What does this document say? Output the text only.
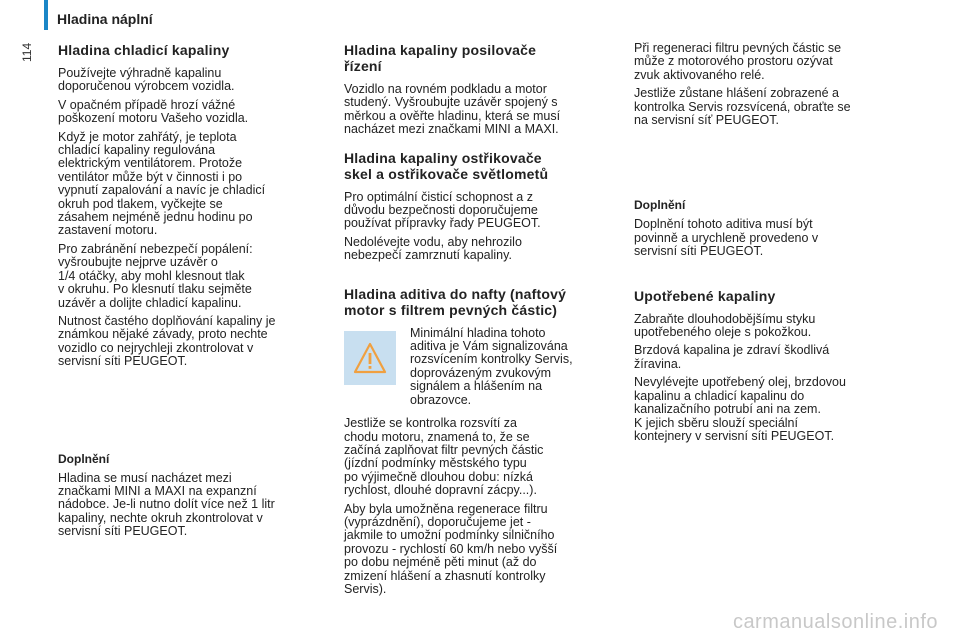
Hladina náplní
114 Hladina chladicí kapaliny

Používejte výhradně kapalinu
doporučenou výrobcem vozidla.

V opačném případě hrozí vážné
poškození motoru Vašeho vozidla.

Když je motor zahřátý, je teplota
chladicí kapaliny regulována
elektrickým ventilátorem. Protože
ventilátor může být v činnosti i po
vypnutí zapalování a navíc je chladicí
okruh pod tlakem, vyčkejte se
zásahem nejméně jednu hodinu po
zastavení motoru.

Pro zabránění nebezpečí popálení:
vyšroubujte nejprve uzávěr o
1/4 otáčky, aby mohl klesnout tlak
v okruhu. Po klesnutí tlaku sejměte
uzávěr a dolijte chladicí kapalinu.

Nutnost častého doplňování kapaliny je
známkou nějaké závady, proto nechte
vozidlo co nejrychleji zkontrolovat v
servisní síti PEUGEOT.

Doplnění

Hladina se musí nacházet mezi
značkami MINI a MAXI na expanzní
nádobce. Je-li nutno dolít více než 1 litr
kapaliny, nechte okruh zkontrolovat v
servisní síti PEUGEOT.

Hladina kapaliny posilovače
řízení

Vozidlo na rovném podkladu a motor
studený. Vyšroubujte uzávěr spojený s
měrkou a ověřte hladinu, která se musí
nacházet mezi značkami MINI a MAXI.

Hladina kapaliny ostřikovače
skel a ostřikovače světlometů

Pro optimální čisticí schopnost a z
důvodu bezpečnosti doporučujeme
používat přípravky řady PEUGEOT.

Nedolévejte vodu, aby nehrozilo
nebezpečí zamrznutí kapaliny.

Hladina aditiva do nafty (naftový
motor s filtrem pevných částic)

Minimální hladina tohoto
aditiva je Vám signalizována
rozsvícením kontrolky Servis,
doprovázeným zvukovým
signálem a hlášením na
obrazovce.

Jestliže se kontrolka rozsvítí za
chodu motoru, znamená to, že se
začíná zaplňovat filtr pevných částic
(jízdní podmínky městského typu
po výjimečně dlouhou dobu: nízká
rychlost, dlouhé dopravní zácpy...).

Aby byla umožněna regenerace filtru
(vyprázdnění), doporučujeme jet -
jakmile to umožní podmínky silničního
provozu - rychlostí 60 km/h nebo vyšší
po dobu nejméně pěti minut (až do
zmizení hlášení a zhasnutí kontrolky
Servis).

Při regeneraci filtru pevných částic se
může z motorového prostoru ozývat
zvuk aktivovaného relé.

Jestliže zůstane hlášení zobrazené a
kontrolka Servis rozsvícená, obraťte se
na servisní síť PEUGEOT.

Doplnění

Doplnění tohoto aditiva musí být
povinně a urychleně provedeno v
servisní síti PEUGEOT.

Upotřebené kapaliny

Zabraňte dlouhodobějšímu styku
upotřebeného oleje s pokožkou.

Brzdová kapalina je zdraví škodlivá
žíravina.

Nevylévejte upotřebený olej, brzdovou
kapalinu a chladicí kapalinu do
kanalizačního potrubí ani na zem.
K jejich sběru slouží speciální
kontejnery v servisní síti PEUGEOT.

carmanualsonline.info
